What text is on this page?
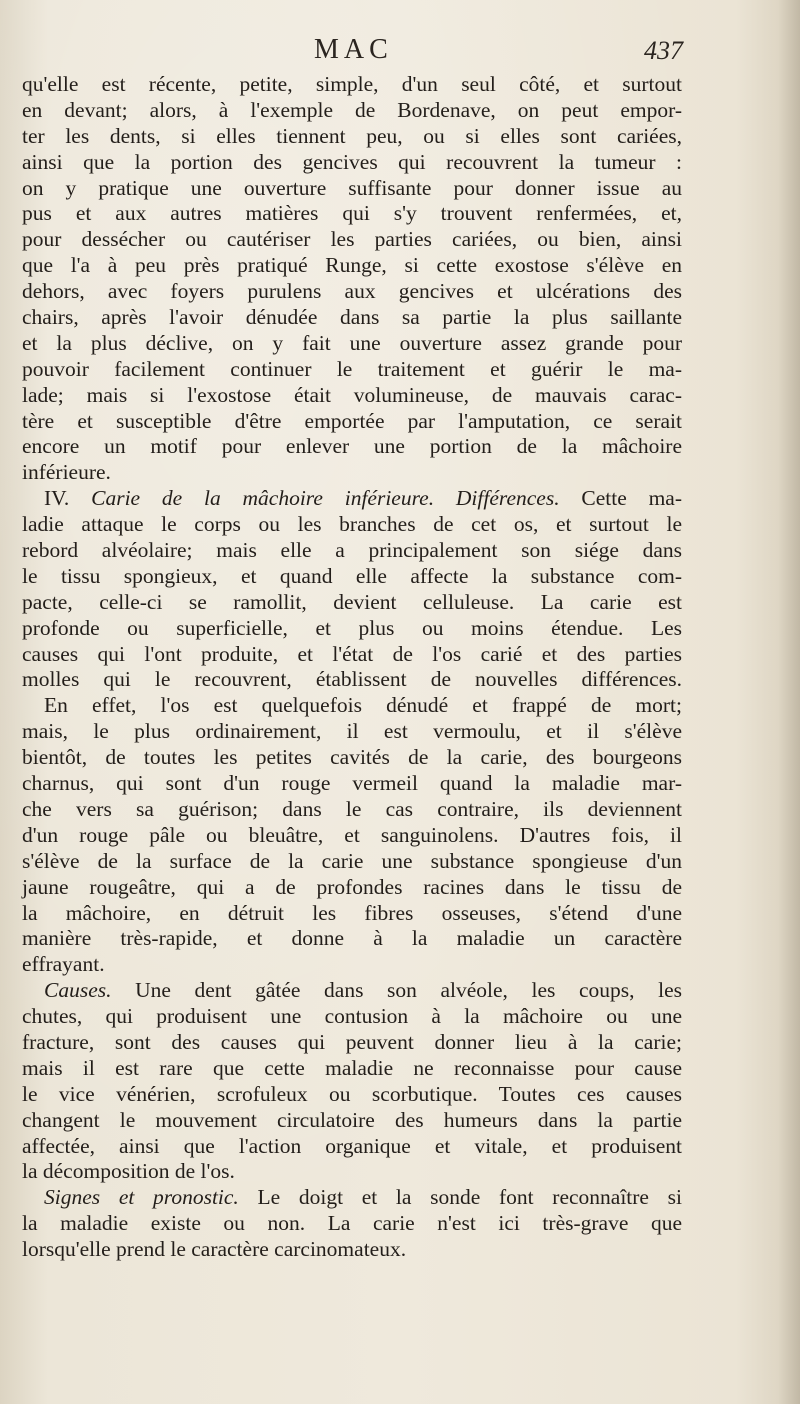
MAC	437
qu'elle est récente, petite, simple, d'un seul côté, et surtout
en devant; alors, à l'exemple de Bordenave, on peut empor-
ter les dents, si elles tiennent peu, ou si elles sont cariées,
ainsi que la portion des gencives qui recouvrent la tumeur :
on y pratique une ouverture suffisante pour donner issue au
pus et aux autres matières qui s'y trouvent renfermées, et,
pour dessécher ou cautériser les parties cariées, ou bien, ainsi
que l'a à peu près pratiqué Runge, si cette exostose s'élève en
dehors, avec foyers purulens aux gencives et ulcérations des
chairs, après l'avoir dénudée dans sa partie la plus saillante
et la plus déclive, on y fait une ouverture assez grande pour
pouvoir facilement continuer le traitement et guérir le ma-
lade; mais si l'exostose était volumineuse, de mauvais carac-
tère et susceptible d'être emportée par l'amputation, ce serait
encore un motif pour enlever une portion de la mâchoire
inférieure.
IV. Carie de la mâchoire inférieure. Différences. Cette ma-
ladie attaque le corps ou les branches de cet os, et surtout le
rebord alvéolaire; mais elle a principalement son siége dans
le tissu spongieux, et quand elle affecte la substance com-
pacte, celle-ci se ramollit, devient celluleuse. La carie est
profonde ou superficielle, et plus ou moins étendue. Les
causes qui l'ont produite, et l'état de l'os carié et des parties
molles qui le recouvrent, établissent de nouvelles différences.
En effet, l'os est quelquefois dénudé et frappé de mort;
mais, le plus ordinairement, il est vermoulu, et il s'élève
bientôt, de toutes les petites cavités de la carie, des bourgeons
charnus, qui sont d'un rouge vermeil quand la maladie mar-
che vers sa guérison; dans le cas contraire, ils deviennent
d'un rouge pâle ou bleuâtre, et sanguinolens. D'autres fois, il
s'élève de la surface de la carie une substance spongieuse d'un
jaune rougeâtre, qui a de profondes racines dans le tissu de
la mâchoire, en détruit les fibres osseuses, s'étend d'une
manière très-rapide, et donne à la maladie un caractère
effrayant.
Causes. Une dent gâtée dans son alvéole, les coups, les
chutes, qui produisent une contusion à la mâchoire ou une
fracture, sont des causes qui peuvent donner lieu à la carie;
mais il est rare que cette maladie ne reconnaisse pour cause
le vice vénérien, scrofuleux ou scorbutique. Toutes ces causes
changent le mouvement circulatoire des humeurs dans la partie
affectée, ainsi que l'action organique et vitale, et produisent
la décomposition de l'os.
Signes et pronostic. Le doigt et la sonde font reconnaître si
la maladie existe ou non. La carie n'est ici très-grave que
lorsqu'elle prend le caractère carcinomateux.
